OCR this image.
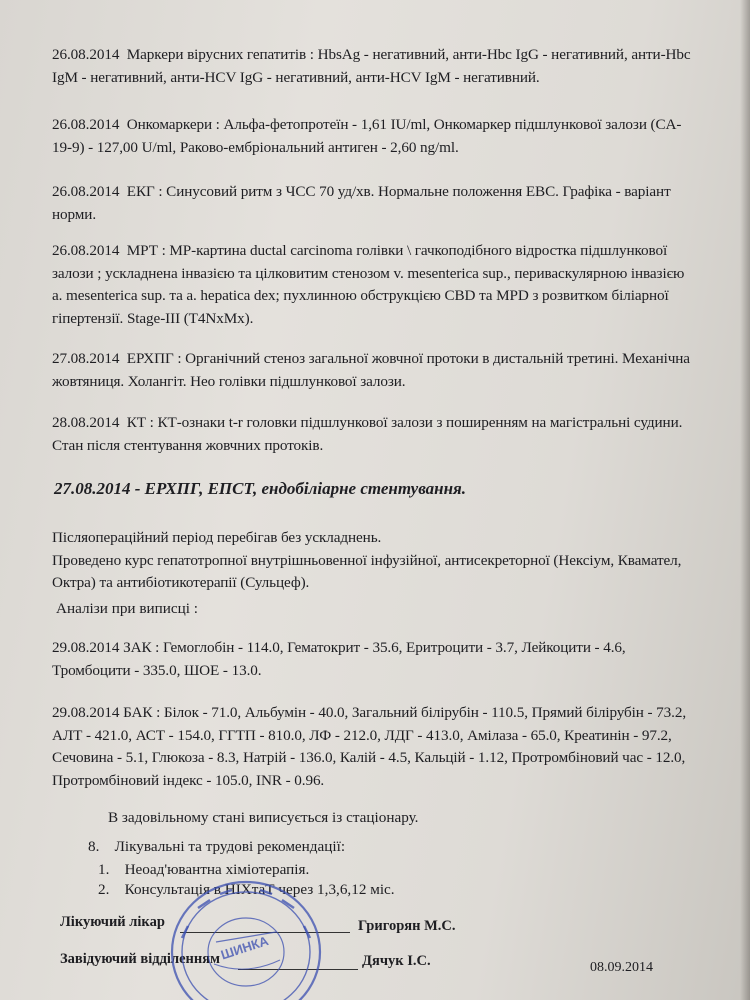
26.08.2014 Маркери вірусних гепатитів : HbsAg - негативний, анти-Hbc IgG - негативний, анти-Hbc IgM - негативний, анти-HCV IgG - негативний, анти-HCV IgM - негативний.
26.08.2014 Онкомаркери : Альфа-фетопротеїн - 1,61 IU/ml, Онкомаркер підшлункової залози (CA-19-9) - 127,00 U/ml, Раково-ембріональний антиген - 2,60 ng/ml.
26.08.2014 ЕКГ : Синусовий ритм з ЧСС 70 уд/хв. Нормальне положення ЕВС. Графіка - варіант норми.
26.08.2014 МРТ : МР-картина ductal carcinoma голівки \ гачкоподібного відростка підшлункової залози ; ускладнена інвазією та цілковитим стенозом v. mesenterica sup., периваскулярною інвазією a. mesenterica sup. та a. hepatica dex; пухлинною обструкцією CBD та MPD з розвитком біліарної гіпертензії. Stage-III (T4NxMx).
27.08.2014 ЕРХПГ : Органічний стеноз загальної жовчної протоки в дистальній третині. Механічна жовтяниця. Холангіт. Нео голівки підшлункової залози.
28.08.2014 КТ : КТ-ознаки t-r головки підшлункової залози з поширенням на магістральні судини. Стан після стентування жовчних протоків.
27.08.2014 - ЕРХПГ, ЕПСТ, ендобіліарне стентування.
Післяопераційний період перебігав без ускладнень.
Проведено курс гепатотропної внутрішньовенної інфузійної, антисекреторної (Нексіум, Квамател, Октра) та антибіотикотерапії (Сульцеф).
Аналізи при виписці :
29.08.2014 ЗАК : Гемоглобін - 114.0, Гематокрит - 35.6, Еритроцити - 3.7, Лейкоцити - 4.6, Тромбоцити - 335.0, ШОЕ - 13.0.
29.08.2014 БАК : Білок - 71.0, Альбумін - 40.0, Загальний білірубін - 110.5, Прямий білірубін - 73.2, АЛТ - 421.0, АСТ - 154.0, ГГТП - 810.0, ЛФ - 212.0, ЛДГ - 413.0, Амілаза - 65.0, Креатинін - 97.2, Сечовина - 5.1, Глюкоза - 8.3, Натрій - 136.0, Калій - 4.5, Кальцій - 1.12, Протромбіновий час - 12.0, Протромбіновий індекс - 105.0, INR - 0.96.
В задовільному стані виписується із стаціонару.
8. Лікувальні та трудові рекомендації:
1. Неоад'ювантна хіміотерапія.
2. Консультація в НІХтаТ через 1,3,6,12 міс.
Лікуючий лікар	Григорян М.С.
Завідуючий відділенням	Дячук І.С.	08.09.2014
ШИНКА
